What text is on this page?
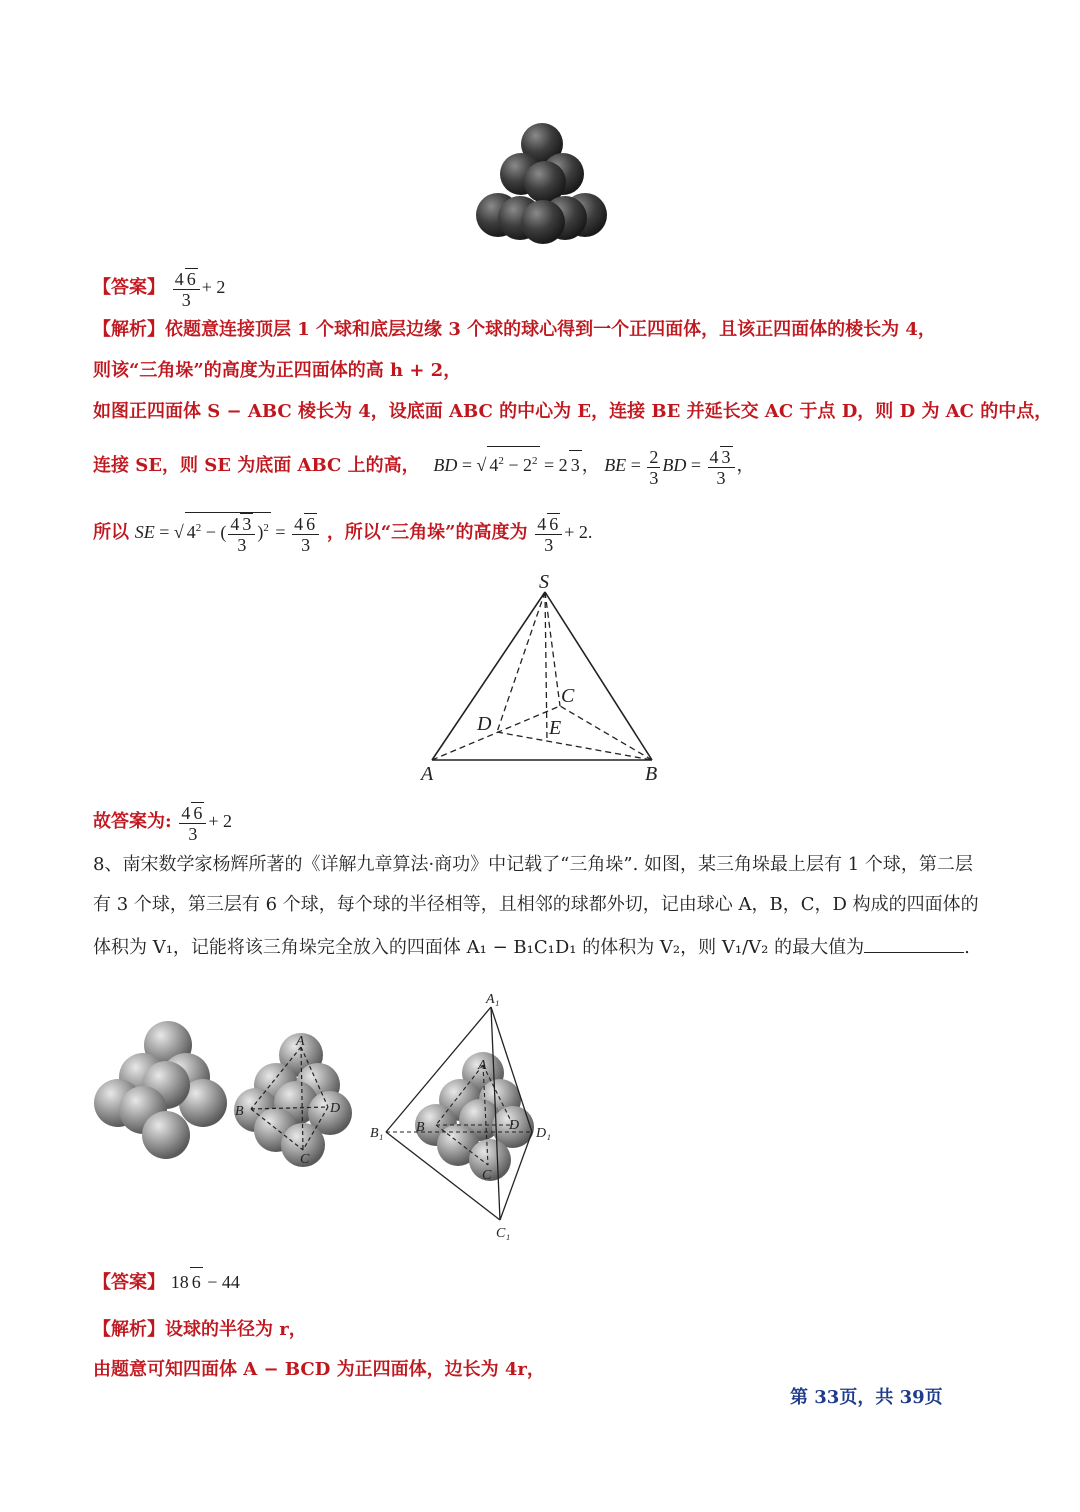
【答案】 $\frac{4 6}{3} + 2$
【解析】依题意连接顶层 1 个球和底层边缘 3 个球的球心得到一个正四面体，且该正四面体的棱长为 4，
则该“三角垛”的高度为正四面体的高 h + 2，
如图正四面体 S − ABC 棱长为 4，设底面 ABC 的中心为 E，连接 BE 并延长交 AC 于点 D，则 D 为 AC 的中点，
连接 SE，则 SE 为底面 ABC 上的高， BD = √ $4^2 - 2^2 = 2$ 3 ， BE = $\frac{2}{3}$ BD = $\frac{4 3}{3}$ ，
所以 SE = √ $4^2$ − ( $\frac{4 3}{3} )^2 = \frac{4 6}{3}$ ，所以“三角垛”的高度为 $\frac{4 6}{3} + 2$.
S
C
D	E
A	B
故答案为: $\frac{4 6}{3} + 2$
8、南宋数学家杨辉所著的《详解九章算法·商功》中记载了“三角垛”. 如图，某三角垛最上层有 1 个球，第二层
有 3 个球，第三层有 6 个球，每个球的半径相等，且相邻的球都外切，记由球心 A，B，C，D 构成的四面体的
体积为 V₁，记能将该三角垛完全放入的四面体 A₁ − B₁C₁D₁ 的体积为 V₂，则 V₁/V₂ 的最大值为	.
A
B	D
C
A₁
B₁	D₁
C₁
A
B	D
C
【答案】 18 6 − 44
【解析】设球的半径为 r，
由题意可知四面体 A − BCD 为正四面体，边长为 4r，
第 33页，共 39页
